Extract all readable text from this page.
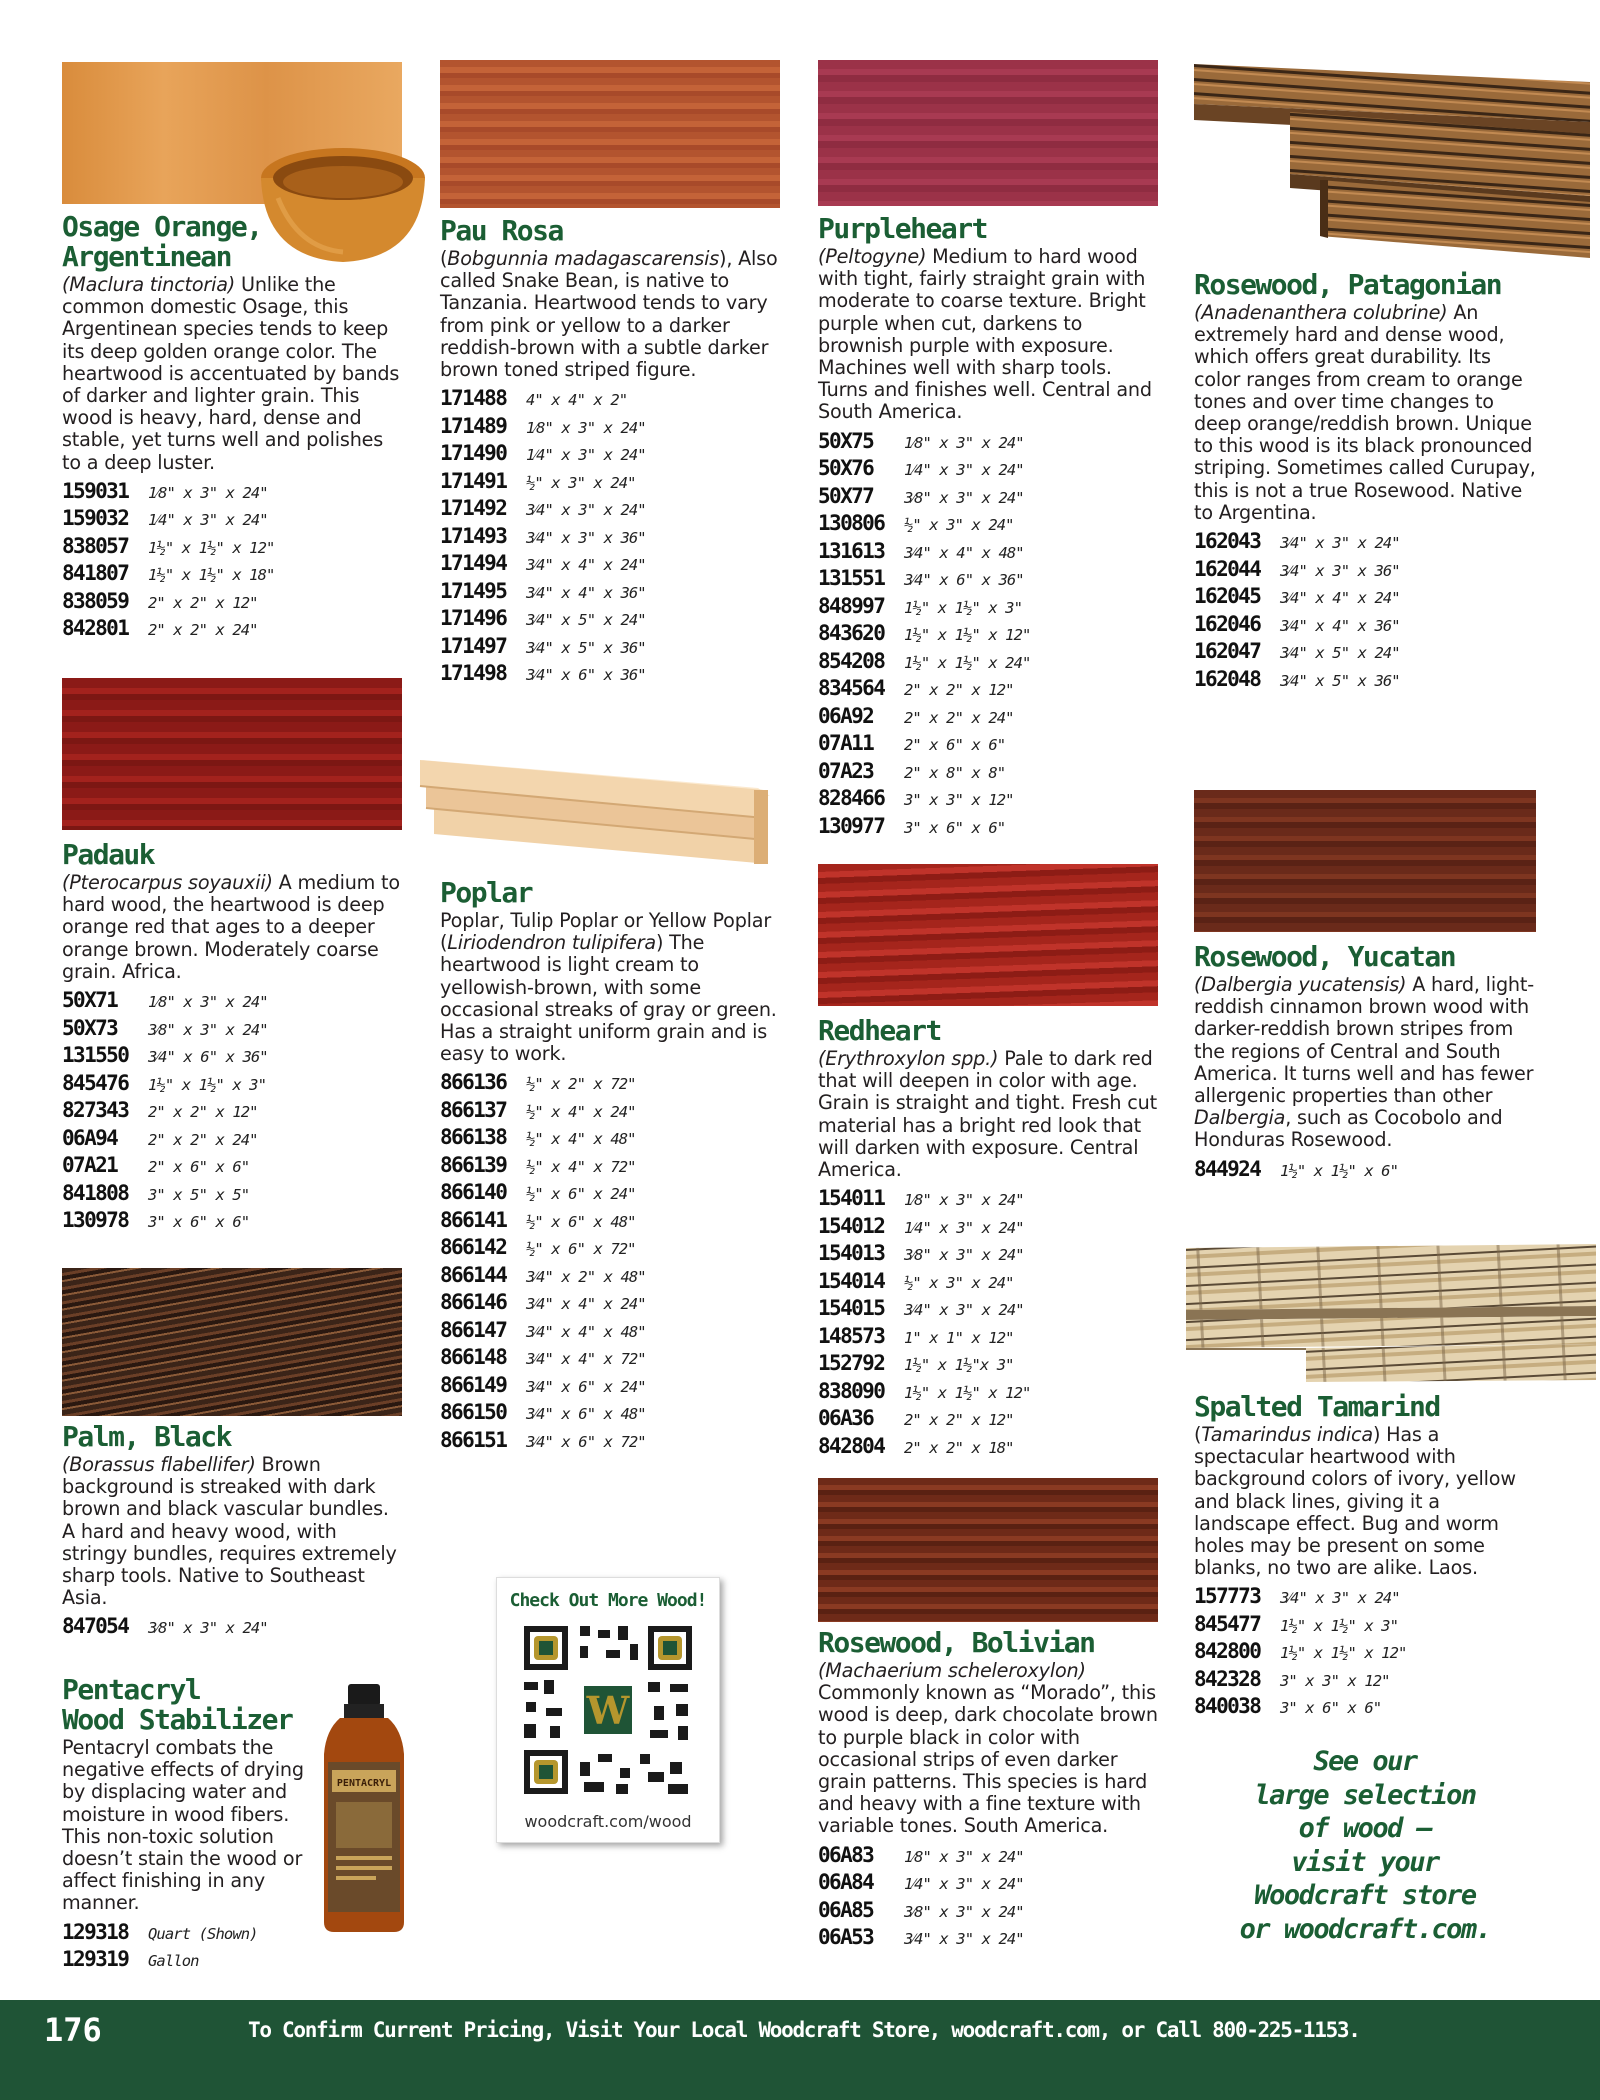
Osage Orange,
Argentinean

(Maclura tinctoria) Unlike the common domestic Osage, this Argentinean species tends to keep its deep golden orange color. The heartwood is accentuated by bands of darker and lighter grain. This wood is heavy, hard, dense and stable, yet turns well and polishes to a deep luster.

159031 1⁄8" x 3" x 24"
159032 1⁄4" x 3" x 24"
838057 1½" x 1½" x 12"
841807 1½" x 1½" x 18"
838059 2" x 2" x 12"
842801 2" x 2" x 24"
Padauk

(Pterocarpus soyauxii) A medium to hard wood, the heartwood is deep orange red that ages to a deeper orange brown. Moderately coarse grain. Africa.

50X71 1⁄8" x 3" x 24"
50X73 3⁄8" x 3" x 24"
131550 3⁄4" x 6" x 36"
845476 1½" x 1½" x 3"
827343 2" x 2" x 12"
06A94 2" x 2" x 24"
07A21 2" x 6" x 6"
841808 3" x 5" x 5"
130978 3" x 6" x 6"
Palm, Black

(Borassus flabellifer) Brown background is streaked with dark brown and black vascular bundles. A hard and heavy wood, with stringy bundles, requires extremely sharp tools. Native to Southeast Asia.

847054 3⁄8" x 3" x 24"
Pentacryl
Wood Stabilizer

Pentacryl combats the negative effects of drying by displacing water and moisture in wood fibers. This non-toxic solution doesn’t stain the wood or affect finishing in any manner.

129318 Quart (Shown)
129319 Gallon
PENTACRYL
Pau Rosa

(Bobgunnia madagascarensis), Also called Snake Bean, is native to Tanzania. Heartwood tends to vary from pink or yellow to a darker reddish-brown with a subtle darker brown toned striped figure.

171488 4" x 4" x 2"
171489 1⁄8" x 3" x 24"
171490 1⁄4" x 3" x 24"
171491 ½" x 3" x 24"
171492 3⁄4" x 3" x 24"
171493 3⁄4" x 3" x 36"
171494 3⁄4" x 4" x 24"
171495 3⁄4" x 4" x 36"
171496 3⁄4" x 5" x 24"
171497 3⁄4" x 5" x 36"
171498 3⁄4" x 6" x 36"
Poplar

Poplar, Tulip Poplar or Yellow Poplar (Liriodendron tulipifera) The heartwood is light cream to yellowish-brown, with some occasional streaks of gray or green. Has a straight uniform grain and is easy to work.

866136 ½" x 2" x 72"
866137 ½" x 4" x 24"
866138 ½" x 4" x 48"
866139 ½" x 4" x 72"
866140 ½" x 6" x 24"
866141 ½" x 6" x 48"
866142 ½" x 6" x 72"
866144 3⁄4" x 2" x 48"
866146 3⁄4" x 4" x 24"
866147 3⁄4" x 4" x 48"
866148 3⁄4" x 4" x 72"
866149 3⁄4" x 6" x 24"
866150 3⁄4" x 6" x 48"
866151 3⁄4" x 6" x 72"
Check Out More Wood!
W
woodcraft.com/wood
Purpleheart

(Peltogyne) Medium to hard wood with tight, fairly straight grain with moderate to coarse texture. Bright purple when cut, darkens to brownish purple with exposure. Machines well with sharp tools. Turns and finishes well. Central and South America.

50X75 1⁄8" x 3" x 24"
50X76 1⁄4" x 3" x 24"
50X77 3⁄8" x 3" x 24"
130806 ½" x 3" x 24"
131613 3⁄4" x 4" x 48"
131551 3⁄4" x 6" x 36"
848997 1½" x 1½" x 3"
843620 1½" x 1½" x 12"
854208 1½" x 1½" x 24"
834564 2" x 2" x 12"
06A92 2" x 2" x 24"
07A11 2" x 6" x 6"
07A23 2" x 8" x 8"
828466 3" x 3" x 12"
130977 3" x 6" x 6"
Redheart

(Erythroxylon spp.) Pale to dark red that will deepen in color with age. Grain is straight and tight. Fresh cut material has a bright red look that will darken with exposure. Central America.

154011 1⁄8" x 3" x 24"
154012 1⁄4" x 3" x 24"
154013 3⁄8" x 3" x 24"
154014 ½" x 3" x 24"
154015 3⁄4" x 3" x 24"
148573 1" x 1" x 12"
152792 1½" x 1½"x 3"
838090 1½" x 1½" x 12"
06A36 2" x 2" x 12"
842804 2" x 2" x 18"
Rosewood, Bolivian

(Machaerium scheleroxylon) Commonly known as “Morado”, this wood is deep, dark chocolate brown to purple black in color with occasional strips of even darker grain patterns. This species is hard and heavy with a fine texture with variable tones. South America.

06A83 1⁄8" x 3" x 24"
06A84 1⁄4" x 3" x 24"
06A85 3⁄8" x 3" x 24"
06A53 3⁄4" x 3" x 24"
Rosewood, Patagonian

(Anadenanthera colubrine) An extremely hard and dense wood, which offers great durability. Its color ranges from cream to orange tones and over time changes to deep orange/reddish brown. Unique to this wood is its black pronounced striping. Sometimes called Curupay, this is not a true Rosewood. Native to Argentina.

162043 3⁄4" x 3" x 24"
162044 3⁄4" x 3" x 36"
162045 3⁄4" x 4" x 24"
162046 3⁄4" x 4" x 36"
162047 3⁄4" x 5" x 24"
162048 3⁄4" x 5" x 36"
Rosewood, Yucatan

(Dalbergia yucatensis) A hard, light-reddish cinnamon brown wood with darker-reddish brown stripes from the regions of Central and South America. It turns well and has fewer allergenic properties than other Dalbergia, such as Cocobolo and Honduras Rosewood.

844924 1½" x 1½" x 6"
Spalted Tamarind

(Tamarindus indica) Has a spectacular heartwood with background colors of ivory, yellow and black lines, giving it a landscape effect. Bug and worm holes may be present on some blanks, no two are alike. Laos.

157773 3⁄4" x 3" x 24"
845477 1½" x 1½" x 3"
842800 1½" x 1½" x 12"
842328 3" x 3" x 12"
840038 3" x 6" x 6"
See our
large selection
of wood –
visit your
Woodcraft store
or woodcraft.com.
176	To Confirm Current Pricing, Visit Your Local Woodcraft Store, woodcraft.com, or Call 800-225-1153.
